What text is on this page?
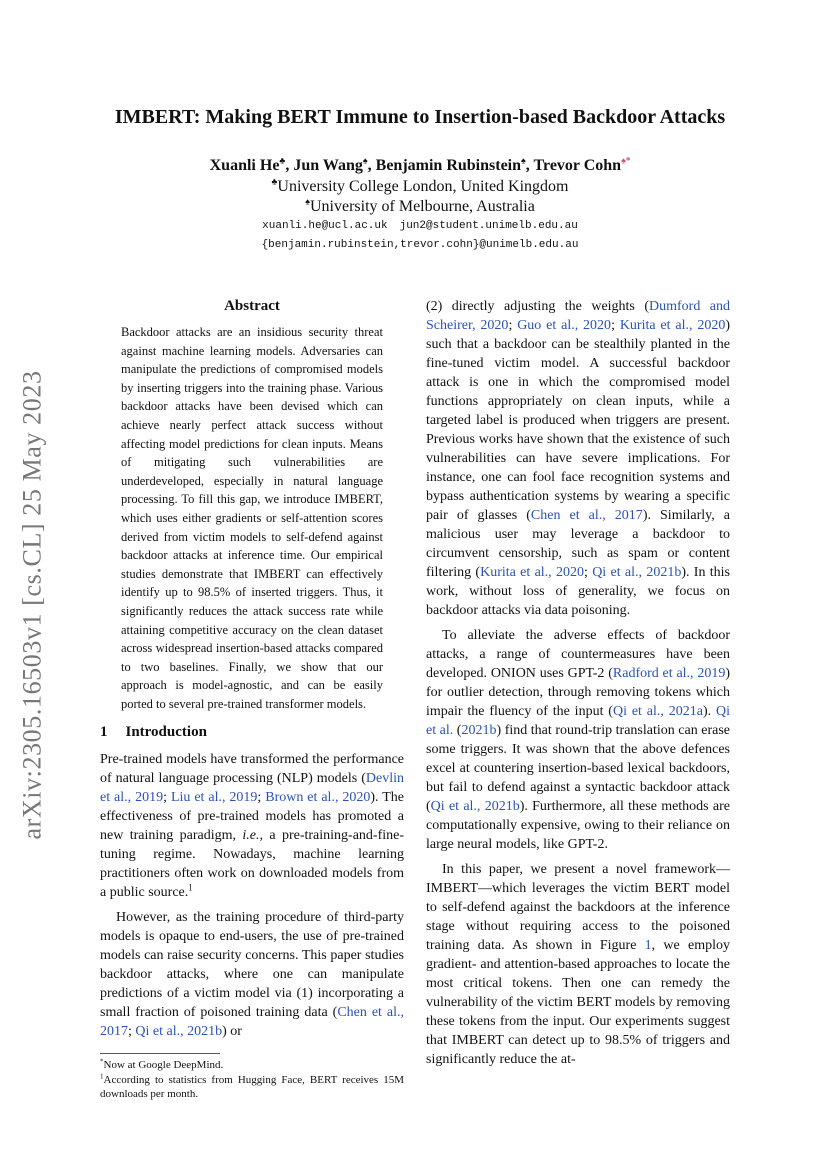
arXiv:2305.16503v1 [cs.CL] 25 May 2023
IMBERT: Making BERT Immune to Insertion-based Backdoor Attacks
Xuanli He♣, Jun Wang♠, Benjamin Rubinstein♠, Trevor Cohn♠*
♣University College London, United Kingdom
♠University of Melbourne, Australia
xuanli.he@ucl.ac.uk jun2@student.unimelb.edu.au
{benjamin.rubinstein,trevor.cohn}@unimelb.edu.au
Abstract

Backdoor attacks are an insidious security threat against machine learning models. Adversaries can manipulate the predictions of compromised models by inserting triggers into the training phase. Various backdoor attacks have been devised which can achieve nearly perfect attack success without affecting model predictions for clean inputs. Means of mitigating such vulnerabilities are underdeveloped, especially in natural language processing. To fill this gap, we introduce IMBERT, which uses either gradients or self-attention scores derived from victim models to self-defend against backdoor attacks at inference time. Our empirical studies demonstrate that IMBERT can effectively identify up to 98.5% of inserted triggers. Thus, it significantly reduces the attack success rate while attaining competitive accuracy on the clean dataset across widespread insertion-based attacks compared to two baselines. Finally, we show that our approach is model-agnostic, and can be easily ported to several pre-trained transformer models.

1 Introduction

Pre-trained models have transformed the performance of natural language processing (NLP) models (Devlin et al., 2019; Liu et al., 2019; Brown et al., 2020). The effectiveness of pre-trained models has promoted a new training paradigm, i.e., a pre-training-and-fine-tuning regime. Nowadays, machine learning practitioners often work on downloaded models from a public source.$^1$

However, as the training procedure of third-party models is opaque to end-users, the use of pre-trained models can raise security concerns. This paper studies backdoor attacks, where one can manipulate predictions of a victim model via (1) incorporating a small fraction of poisoned training data (Chen et al., 2017; Qi et al., 2021b) or

*Now at Google DeepMind.
$^1$According to statistics from Hugging Face, BERT receives 15M downloads per month.

(2) directly adjusting the weights (Dumford and Scheirer, 2020; Guo et al., 2020; Kurita et al., 2020) such that a backdoor can be stealthily planted in the fine-tuned victim model. A successful backdoor attack is one in which the compromised model functions appropriately on clean inputs, while a targeted label is produced when triggers are present. Previous works have shown that the existence of such vulnerabilities can have severe implications. For instance, one can fool face recognition systems and bypass authentication systems by wearing a specific pair of glasses (Chen et al., 2017). Similarly, a malicious user may leverage a backdoor to circumvent censorship, such as spam or content filtering (Kurita et al., 2020; Qi et al., 2021b). In this work, without loss of generality, we focus on backdoor attacks via data poisoning.

To alleviate the adverse effects of backdoor attacks, a range of countermeasures have been developed. ONION uses GPT-2 (Radford et al., 2019) for outlier detection, through removing tokens which impair the fluency of the input (Qi et al., 2021a). Qi et al. (2021b) find that round-trip translation can erase some triggers. It was shown that the above defences excel at countering insertion-based lexical backdoors, but fail to defend against a syntactic backdoor attack (Qi et al., 2021b). Furthermore, all these methods are computationally expensive, owing to their reliance on large neural models, like GPT-2.

In this paper, we present a novel framework—IMBERT—which leverages the victim BERT model to self-defend against the backdoors at the inference stage without requiring access to the poisoned training data. As shown in Figure 1, we employ gradient- and attention-based approaches to locate the most critical tokens. Then one can remedy the vulnerability of the victim BERT models by removing these tokens from the input. Our experiments suggest that IMBERT can detect up to 98.5% of triggers and significantly reduce the at-
